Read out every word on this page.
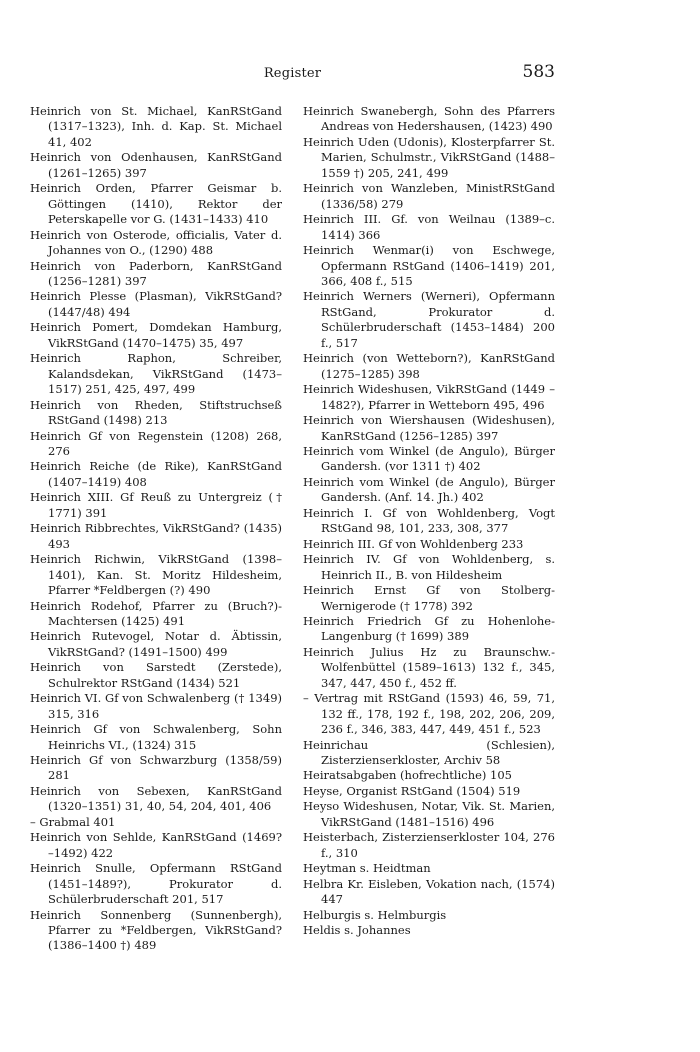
Register	583
Heinrich von St. Michael, KanRStGand (1317–1323), Inh. d. Kap. St. Michael 41, 402
Heinrich von Odenhausen, KanRStGand (1261–1265) 397
Heinrich Orden, Pfarrer Geismar b. Göttingen (1410), Rektor der Peterskapelle vor G. (1431–1433) 410
Heinrich von Osterode, officialis, Vater d. Johannes von O., (1290) 488
Heinrich von Paderborn, KanRStGand (1256–1281) 397
Heinrich Plesse (Plasman), VikRStGand? (1447/48) 494
Heinrich Pomert, Domdekan Hamburg, VikRStGand (1470–1475) 35, 497
Heinrich Raphon, Schreiber, Kalandsdekan, VikRStGand (1473–1517) 251, 425, 497, 499
Heinrich von Rheden, Stiftstruchseß RStGand (1498) 213
Heinrich Gf von Regenstein (1208) 268, 276
Heinrich Reiche (de Rike), KanRStGand (1407–1419) 408
Heinrich XIII. Gf Reuß zu Untergreiz († 1771) 391
Heinrich Ribbrechtes, VikRStGand? (1435) 493
Heinrich Richwin, VikRStGand (1398–1401), Kan. St. Moritz Hildesheim, Pfarrer *Feldbergen (?) 490
Heinrich Rodehof, Pfarrer zu (Bruch?)-Machtersen (1425) 491
Heinrich Rutevogel, Notar d. Äbtissin, VikRStGand? (1491–1500) 499
Heinrich von Sarstedt (Zerstede), Schulrektor RStGand (1434) 521
Heinrich VI. Gf von Schwalenberg († 1349) 315, 316
Heinrich Gf von Schwalenberg, Sohn Heinrichs VI., (1324) 315
Heinrich Gf von Schwarzburg (1358/59) 281
Heinrich von Sebexen, KanRStGand (1320–1351) 31, 40, 54, 204, 401, 406
– Grabmal 401
Heinrich von Sehlde, KanRStGand (1469? –1492) 422
Heinrich Snulle, Opfermann RStGand (1451–1489?), Prokurator d. Schülerbruderschaft 201, 517
Heinrich Sonnenberg (Sunnenbergh), Pfarrer zu *Feldbergen, VikRStGand? (1386–1400 †) 489
Heinrich Swanebergh, Sohn des Pfarrers Andreas von Hedershausen, (1423) 490
Heinrich Uden (Udonis), Klosterpfarrer St. Marien, Schulmstr., VikRStGand (1488–1559 †) 205, 241, 499
Heinrich von Wanzleben, MinistRStGand (1336/58) 279
Heinrich III. Gf. von Weilnau (1389–c. 1414) 366
Heinrich Wenmar(i) von Eschwege, Opfermann RStGand (1406–1419) 201, 366, 408 f., 515
Heinrich Werners (Werneri), Opfermann RStGand, Prokurator d. Schülerbruderschaft (1453–1484) 200 f., 517
Heinrich (von Wetteborn?), KanRStGand (1275–1285) 398
Heinrich Wideshusen, VikRStGand (1449 –1482?), Pfarrer in Wetteborn 495, 496
Heinrich von Wiershausen (Wideshusen), KanRStGand (1256–1285) 397
Heinrich vom Winkel (de Angulo), Bürger Gandersh. (vor 1311 †) 402
Heinrich vom Winkel (de Angulo), Bürger Gandersh. (Anf. 14. Jh.) 402
Heinrich I. Gf von Wohldenberg, Vogt RStGand 98, 101, 233, 308, 377
Heinrich III. Gf von Wohldenberg 233
Heinrich IV. Gf von Wohldenberg, s. Heinrich II., B. von Hildesheim
Heinrich Ernst Gf von Stolberg-Wernigerode († 1778) 392
Heinrich Friedrich Gf zu Hohenlohe-Langenburg († 1699) 389
Heinrich Julius Hz zu Braunschw.-Wolfenbüttel (1589–1613) 132 f., 345, 347, 447, 450 f., 452 ff.
– Vertrag mit RStGand (1593) 46, 59, 71, 132 ff., 178, 192 f., 198, 202, 206, 209, 236 f., 346, 383, 447, 449, 451 f., 523
Heinrichau (Schlesien), Zisterzienserkloster, Archiv 58
Heiratsabgaben (hofrechtliche) 105
Heyse, Organist RStGand (1504) 519
Heyso Wideshusen, Notar, Vik. St. Marien, VikRStGand (1481–1516) 496
Heisterbach, Zisterzienserkloster 104, 276 f., 310
Heytman s. Heidtman
Helbra Kr. Eisleben, Vokation nach, (1574) 447
Helburgis s. Helmburgis
Heldis s. Johannes
